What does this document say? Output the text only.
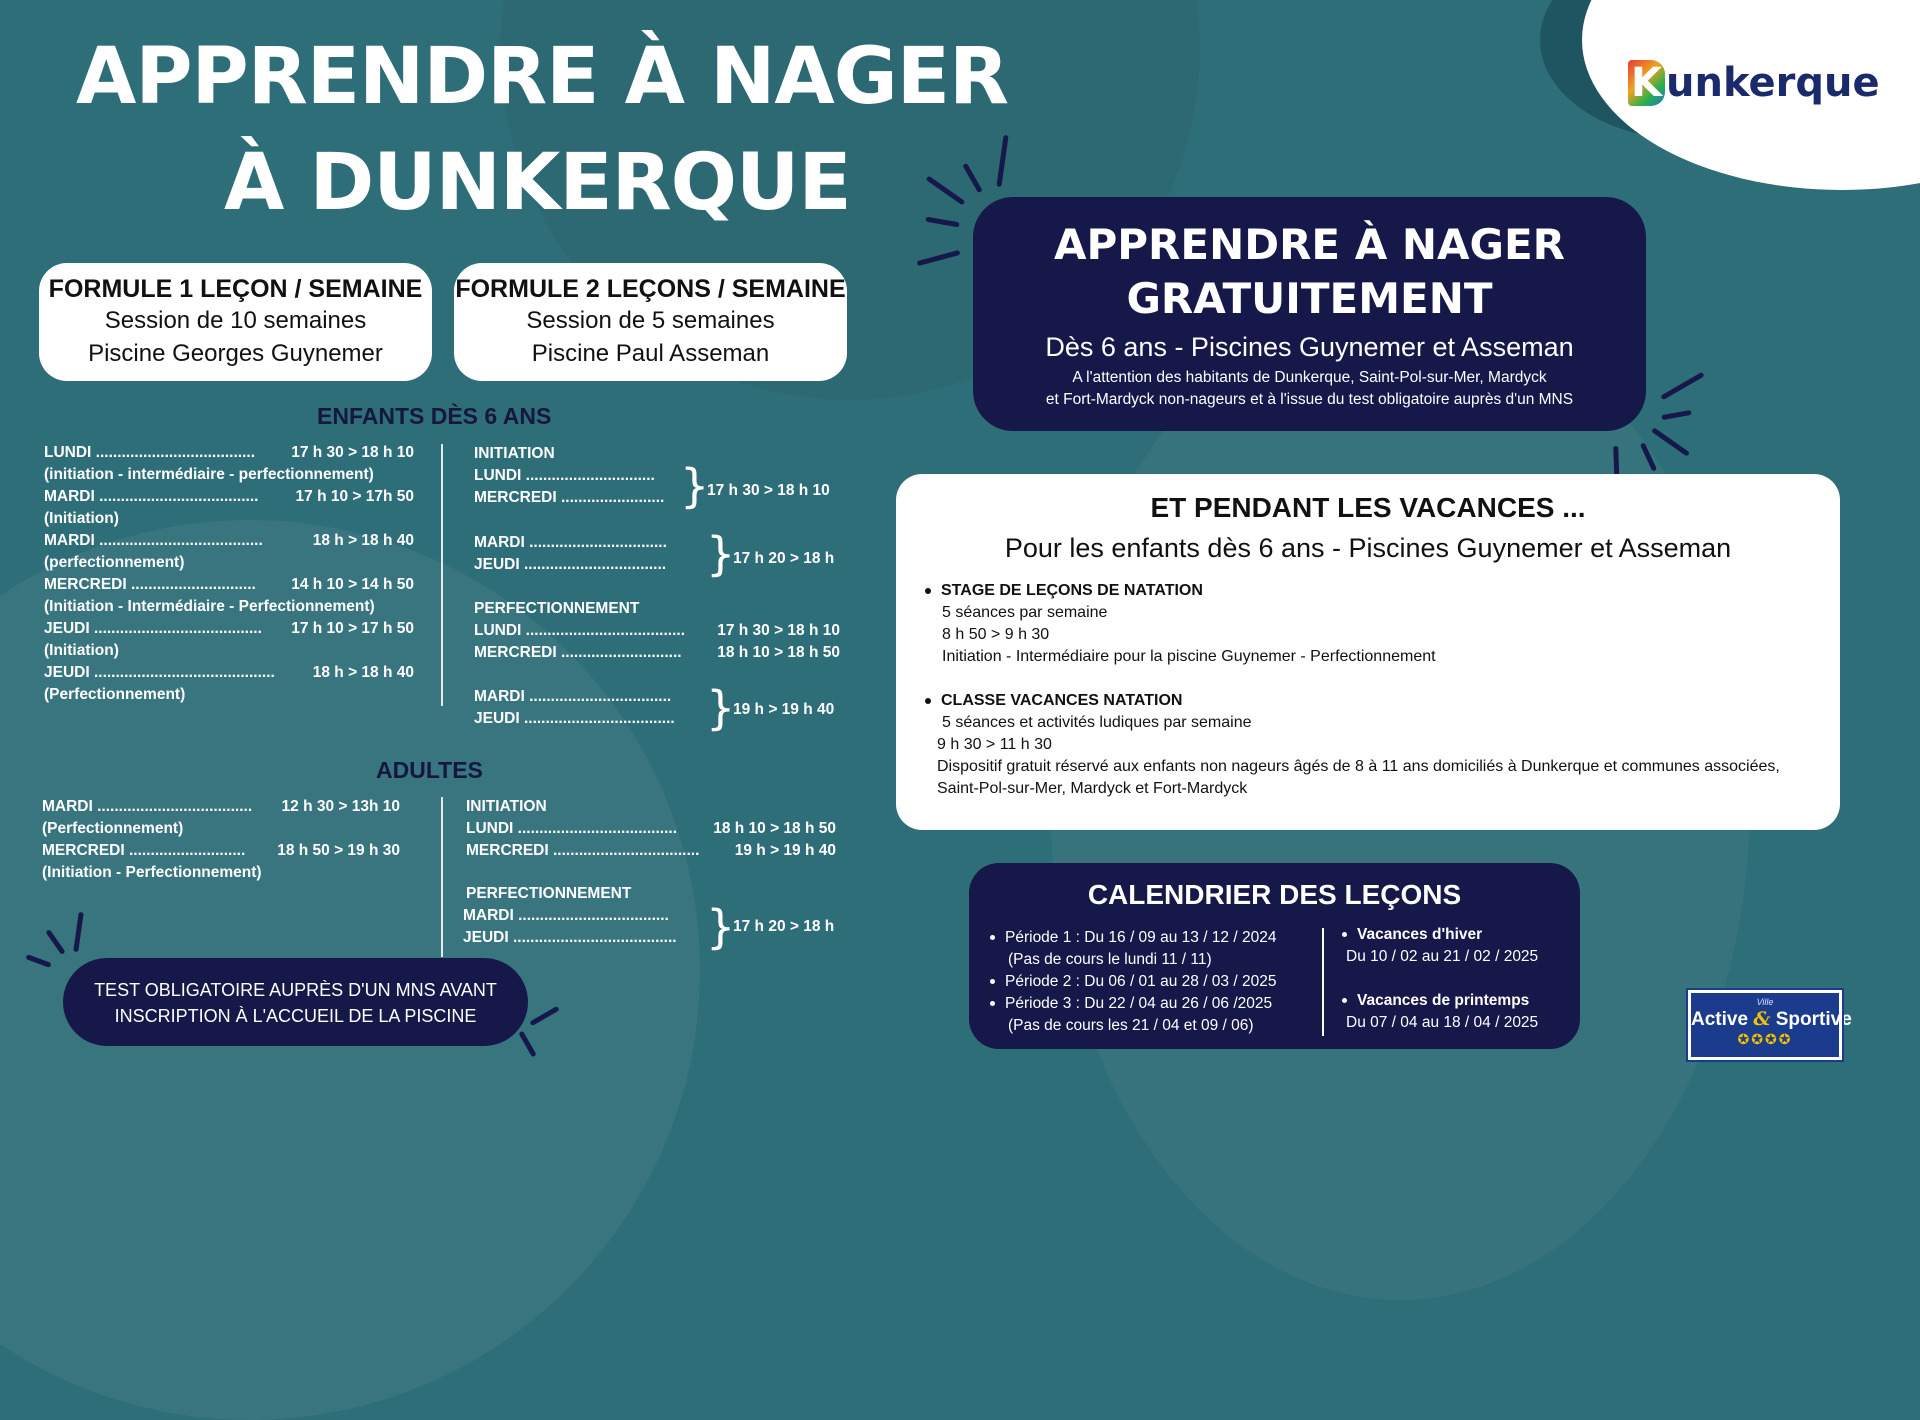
K unkerque
APPRENDRE À NAGER
À DUNKERQUE
FORMULE 1 LEÇON / SEMAINE
Session de 10 semaines
Piscine Georges Guynemer
FORMULE 2 LEÇONS / SEMAINE
Session de 5 semaines
Piscine Paul Asseman
ENFANTS DÈS 6 ANS
LUNDI ..................................... 17 h 30 > 18 h 10
(initiation - intermédiaire - perfectionnement)
MARDI ..................................... 17 h 10 > 17h 50
(Initiation)
MARDI ......................................	18 h > 18 h 40
(perfectionnement)
MERCREDI ............................. 14 h 10 > 14 h 50
(Initiation - Intermédiaire - Perfectionnement)
JEUDI ....................................... 17 h 10 > 17 h 50
(Initiation)
JEUDI .......................................... 18 h > 18 h 40
(Perfectionnement)
INITIATION
LUNDI ..............................
MERCREDI ........................ }
17 h 30 > 18 h 10
MARDI ................................
JEUDI ................................. }
17 h 20 > 18 h
PERFECTIONNEMENT
LUNDI ..................................... 17 h 30 > 18 h 10
MERCREDI ............................ 18 h 10 > 18 h 50
MARDI .................................
JEUDI ................................... }
19 h > 19 h 40
ADULTES
MARDI .................................... 12 h 30 > 13h 10
(Perfectionnement)
MERCREDI ........................... 18 h 50 > 19 h 30
(Initiation - Perfectionnement)
INITIATION
LUNDI ..................................... 18 h 10 > 18 h 50
MERCREDI .................................. 19 h > 19 h 40
PERFECTIONNEMENT
MARDI ...................................
JEUDI ...................................... }
17 h 20 > 18 h
TEST OBLIGATOIRE AUPRÈS D'UN MNS AVANT
INSCRIPTION À L'ACCUEIL DE LA PISCINE
APPRENDRE À NAGER
GRATUITEMENT
Dès 6 ans - Piscines Guynemer et Asseman
A l'attention des habitants de Dunkerque, Saint-Pol-sur-Mer, Mardyck
et Fort-Mardyck non-nageurs et à l'issue du test obligatoire auprès d'un MNS
ET PENDANT LES VACANCES ...
Pour les enfants dès 6 ans - Piscines Guynemer et Asseman
STAGE DE LEÇONS DE NATATION
5 séances par semaine
8 h 50 > 9 h 30
Initiation - Intermédiaire pour la piscine Guynemer - Perfectionnement
CLASSE VACANCES NATATION
5 séances et activités ludiques par semaine
9 h 30 > 11 h 30
Dispositif gratuit réservé aux enfants non nageurs âgés de 8 à 11 ans domiciliés à Dunkerque et communes associées,
Saint-Pol-sur-Mer, Mardyck et Fort-Mardyck
CALENDRIER DES LEÇONS
Période 1 : Du 16 / 09 au 13 / 12 / 2024
(Pas de cours le lundi 11 / 11)
Période 2 : Du 06 / 01 au 28 / 03 / 2025
Période 3 : Du 22 / 04 au 26 / 06 /2025
(Pas de cours les 21 / 04 et 09 / 06)
Vacances d'hiver
Du 10 / 02 au 21 / 02 / 2025
Vacances de printemps
Du 07 / 04 au 18 / 04 / 2025
Ville
Active & Sportive
✪✪✪✪
